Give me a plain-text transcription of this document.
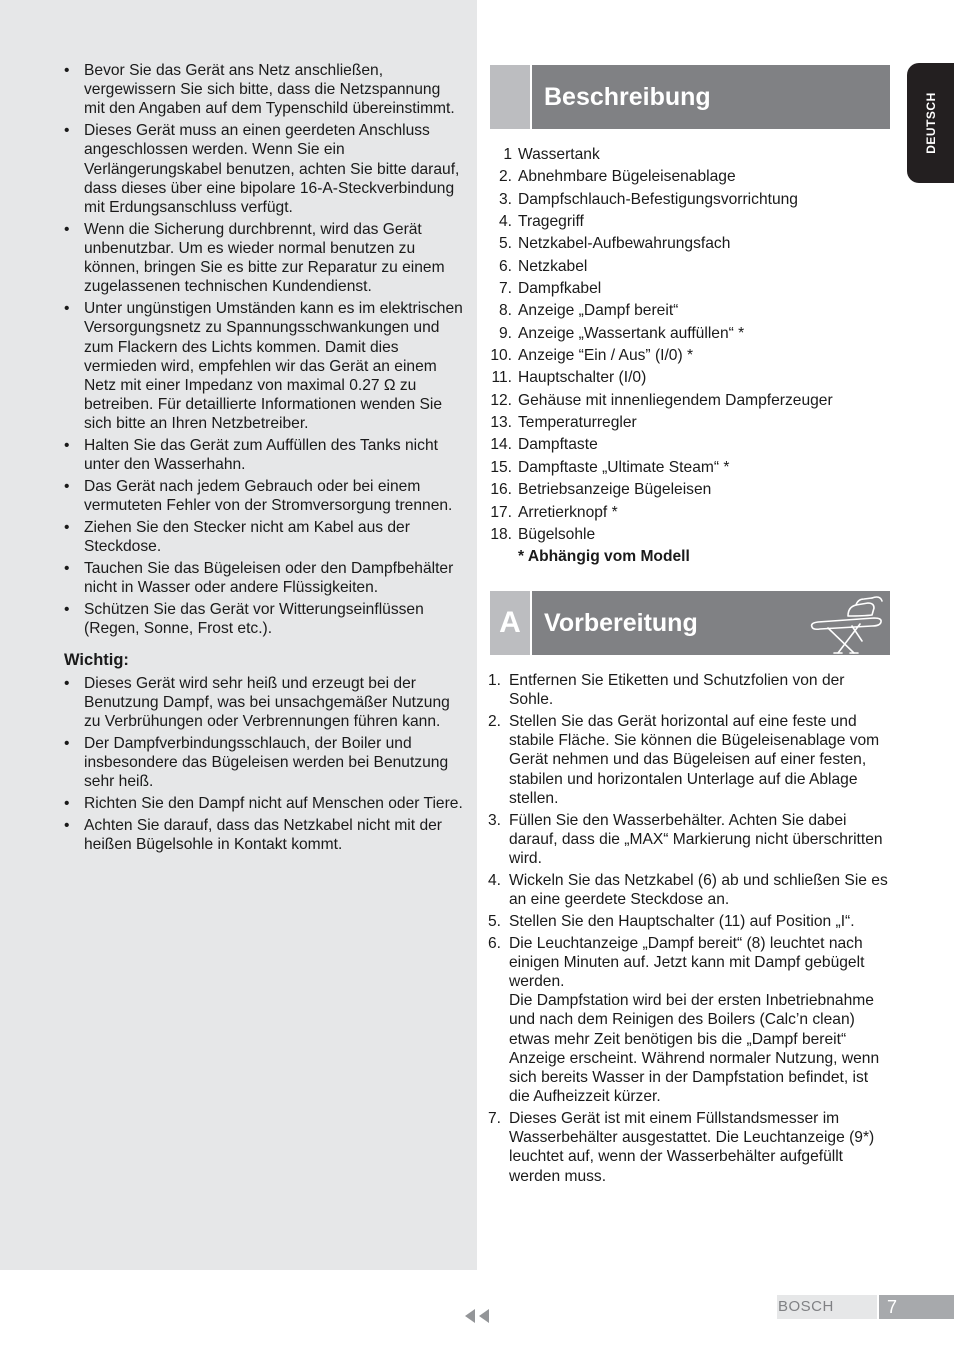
• Bevor Sie das Gerät ans Netz anschließen, vergewissern Sie sich bitte, dass die Netzspannung mit den Angaben auf dem Typenschild übereinstimmt.
• Dieses Gerät muss an einen geerdeten Anschluss angeschlossen werden. Wenn Sie ein Verlängerungskabel benutzen, achten Sie bitte darauf, dass dieses über eine bipolare 16-A-Steckverbindung mit Erdungsanschluss verfügt.
• Wenn die Sicherung durchbrennt, wird das Gerät unbenutzbar. Um es wieder normal benutzen zu können, bringen Sie es bitte zur Reparatur zu einem zugelassenen technischen Kundendienst.
• Unter ungünstigen Umständen kann es im elektrischen Versorgungsnetz zu Spannungsschwankungen und zum Flackern des Lichts kommen. Damit dies vermieden wird, empfehlen wir das Gerät an einem Netz mit einer Impedanz von maximal 0.27 Ω zu betreiben. Für detaillierte Informationen wenden Sie sich bitte an Ihren Netzbetreiber.
• Halten Sie das Gerät zum Auffüllen des Tanks nicht unter den Wasserhahn.
• Das Gerät nach jedem Gebrauch oder bei einem vermuteten Fehler von der Stromversorgung trennen.
• Ziehen Sie den Stecker nicht am Kabel aus der Steckdose.
• Tauchen Sie das Bügeleisen oder den Dampfbehälter nicht in Wasser oder andere Flüssigkeiten.
• Schützen Sie das Gerät vor Witterungseinflüssen (Regen, Sonne, Frost etc.).
Wichtig:
• Dieses Gerät wird sehr heiß und erzeugt bei der Benutzung Dampf, was bei unsachgemäßer Nutzung zu Verbrühungen oder Verbrennungen führen kann.
• Der Dampfverbindungsschlauch, der Boiler und insbesondere das Bügeleisen werden bei Benutzung sehr heiß.
• Richten Sie den Dampf nicht auf Menschen oder Tiere.
• Achten Sie darauf, dass das Netzkabel nicht mit der heißen Bügelsohle in Kontakt kommt.
Beschreibung
1 Wassertank
2. Abnehmbare Bügeleisenablage
3. Dampfschlauch-Befestigungsvorrichtung
4. Tragegriff
5. Netzkabel-Aufbewahrungsfach
6. Netzkabel
7. Dampfkabel
8. Anzeige „Dampf bereit“
9. Anzeige „Wassertank auffüllen“ *
10. Anzeige “Ein / Aus” (I/0) *
11. Hauptschalter (I/0)
12. Gehäuse mit innenliegendem Dampferzeuger
13. Temperaturregler
14. Dampftaste
15. Dampftaste „Ultimate Steam“ *
16. Betriebsanzeige Bügeleisen
17. Arretierknopf *
18. Bügelsohle
* Abhängig vom Modell
A Vorbereitung
1. Entfernen Sie Etiketten und Schutzfolien von der Sohle.
2. Stellen Sie das Gerät horizontal auf eine feste und stabile Fläche. Sie können die Bügeleisenablage vom Gerät nehmen und das Bügeleisen auf einer festen, stabilen und horizontalen Unterlage auf die Ablage stellen.
3. Füllen Sie den Wasserbehälter. Achten Sie dabei darauf, dass die „MAX“ Markierung nicht überschritten wird.
4. Wickeln Sie das Netzkabel (6) ab und schließen Sie es an eine geerdete Steckdose an.
5. Stellen Sie den Hauptschalter (11) auf Position „I“.
6. Die Leuchtanzeige „Dampf bereit“ (8) leuchtet nach einigen Minuten auf. Jetzt kann mit Dampf gebügelt werden.
Die Dampfstation wird bei der ersten Inbetriebnahme und nach dem Reinigen des Boilers (Calc’n clean) etwas mehr Zeit benötigen bis die „Dampf bereit“ Anzeige erscheint. Während normaler Nutzung, wenn sich bereits Wasser in der Dampfstation befindet, ist die Aufheizzeit kürzer.
7. Dieses Gerät ist mit einem Füllstandsmesser im Wasserbehälter ausgestattet. Die Leuchtanzeige (9*) leuchtet auf, wenn der Wasserbehälter aufgefüllt werden muss.
DEUTSCH
BOSCH	7
